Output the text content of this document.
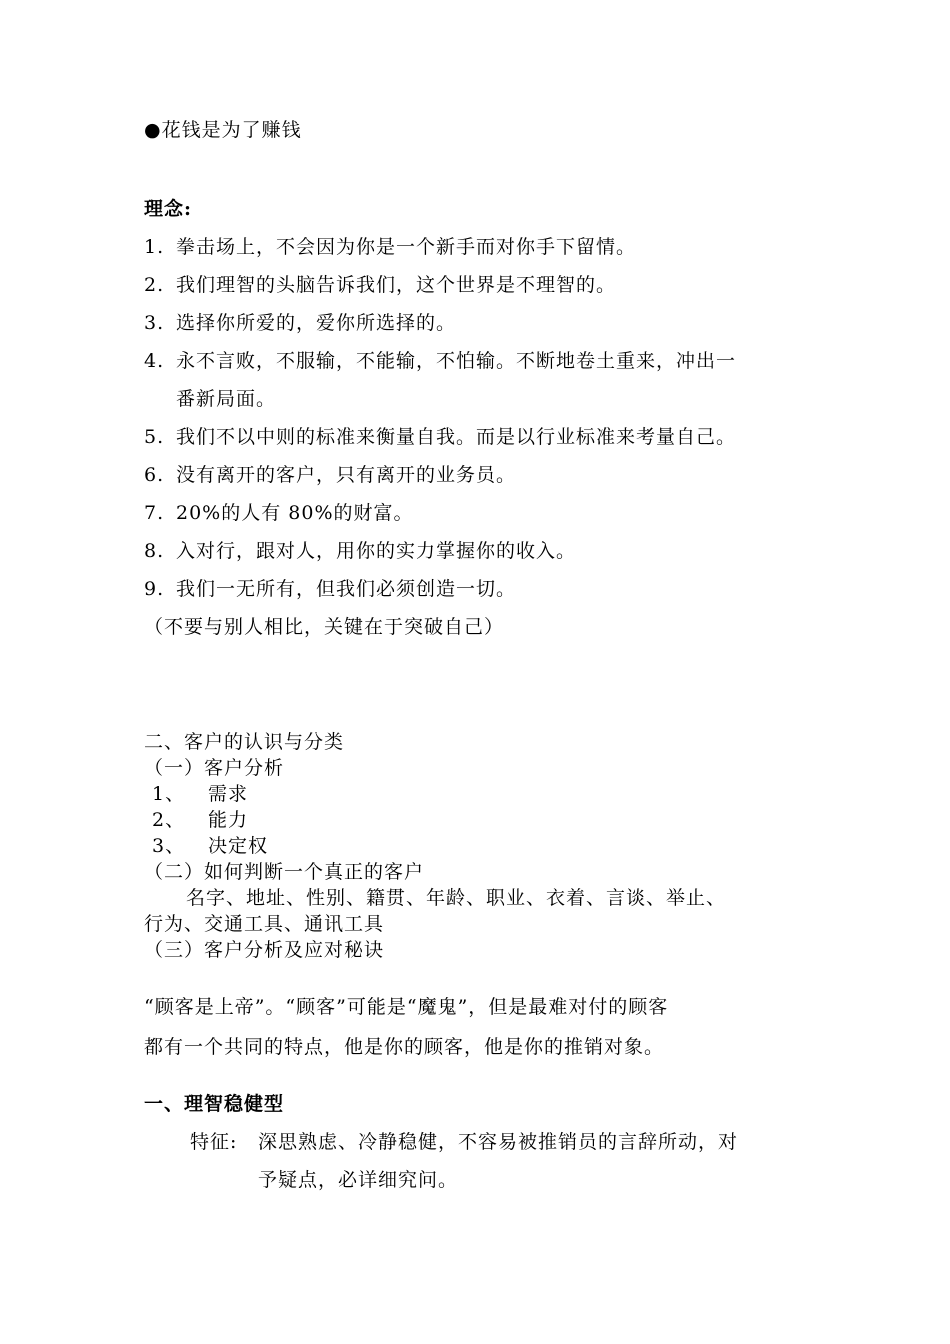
●花钱是为了赚钱
理念:
1. 拳击场上，不会因为你是一个新手而对你手下留情。
2. 我们理智的头脑告诉我们，这个世界是不理智的。
3. 选择你所爱的，爱你所选择的。
4. 永不言败，不服输，不能输，不怕输。不断地卷土重来，冲出一
番新局面。
5. 我们不以中则的标准来衡量自我。而是以行业标准来考量自己。
6. 没有离开的客户，只有离开的业务员。
7. 20%的人有 80%的财富。
8. 入对行，跟对人，用你的实力掌握你的收入。
9. 我们一无所有，但我们必须创造一切。
（不要与别人相比，关键在于突破自己）
二、客户的认识与分类
（一）客户分析
1、 需求
2、 能力
3、 决定权
（二）如何判断一个真正的客户
名字、地址、性别、籍贯、年龄、职业、衣着、言谈、举止、
行为、交通工具、通讯工具
（三）客户分析及应对秘诀
“顾客是上帝”。“顾客”可能是“魔鬼”，但是最难对付的顾客
都有一个共同的特点，他是你的顾客，他是你的推销对象。
一、理智稳健型
特征: 深思熟虑、冷静稳健，不容易被推销员的言辞所动，对
予疑点，必详细究问。
